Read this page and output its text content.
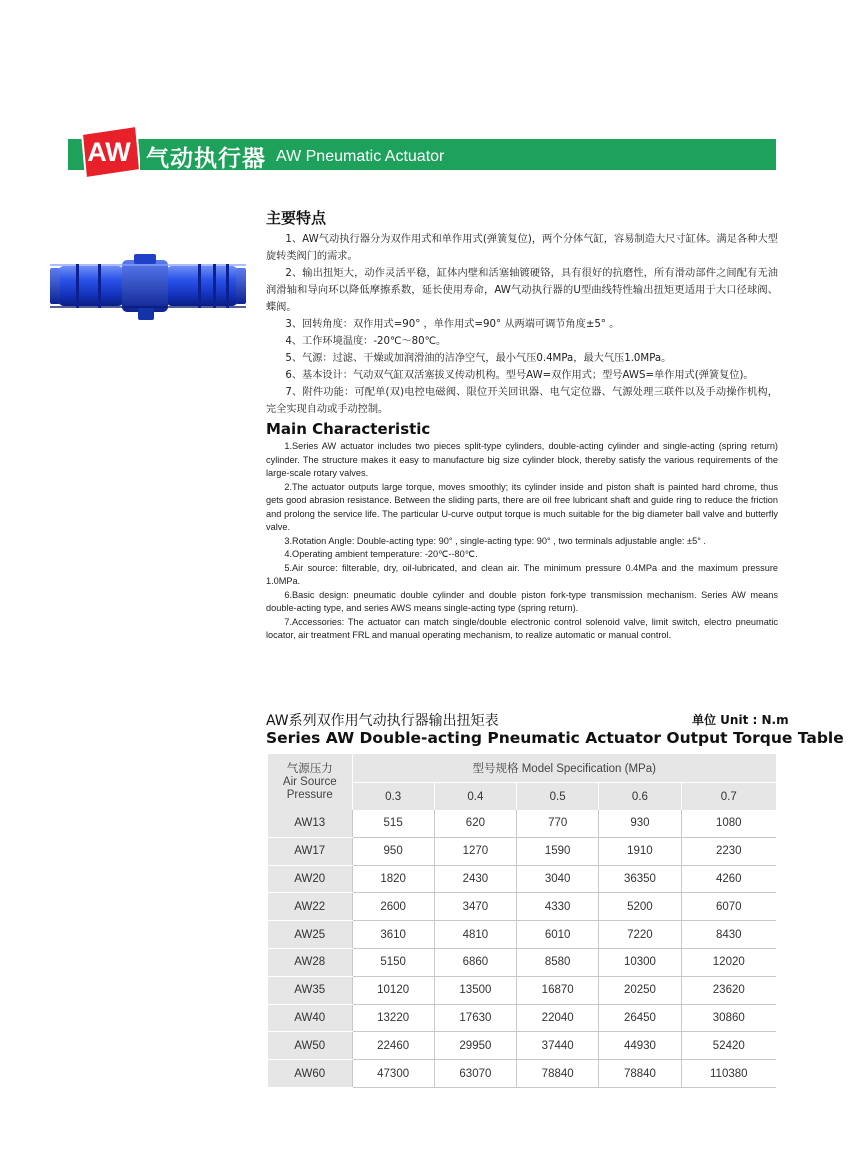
AW 气动执行器 AW Pneumatic Actuator
主要特点

1、AW气动执行器分为双作用式和单作用式(弹簧复位)，两个分体气缸，容易制造大尺寸缸体。满足各种大型旋转类阀门的需求。

2、输出扭矩大，动作灵活平稳，缸体内壁和活塞轴镀硬铬，具有很好的抗磨性，所有滑动部件之间配有无油润滑轴和导向环以降低摩擦系数，延长使用寿命，AW气动执行器的U型曲线特性输出扭矩更适用于大口径球阀、蝶阀。

3、回转角度：双作用式=90° ，单作用式=90° 从两端可调节角度±5° 。

4、工作环境温度：-20℃～80℃。

5、气源：过滤、干燥或加润滑油的洁净空气，最小气压0.4MPa，最大气压1.0MPa。

6、基本设计：气动双气缸双活塞拔叉传动机构。型号AW=双作用式；型号AWS=单作用式(弹簧复位)。

7、附件功能：可配单(双)电控电磁阀、限位开关回讯器、电气定位器、气源处理三联件以及手动操作机构，完全实现自动或手动控制。

Main Characteristic

1.Series AW actuator includes two pieces split-type cylinders, double-acting cylinder and single-acting (spring return) cylinder. The structure makes it easy to manufacture big size cylinder block, thereby satisfy the various requirements of the large-scale rotary valves.

2.The actuator outputs large torque, moves smoothly; its cylinder inside and piston shaft is painted hard chrome, thus gets good abrasion resistance. Between the sliding parts, there are oil free lubricant shaft and guide ring to reduce the friction and prolong the service life. The particular U-curve output torque is much suitable for the big diameter ball valve and butterfly valve.

3.Rotation Angle: Double-acting type: 90° , single-acting type: 90° , two terminals adjustable angle: ±5° .

4.Operating ambient temperature: -20℃--80℃.

5.Air source: filterable, dry, oil-lubricated, and clean air. The minimum pressure 0.4MPa and the maximum pressure 1.0MPa.

6.Basic design: pneumatic double cylinder and double piston fork-type transmission mechanism. Series AW means double-acting type, and series AWS means single-acting type (spring return).

7.Accessories: The actuator can match single/double electronic control solenoid valve, limit switch, electro pneumatic locator, air treatment FRL and manual operating mechanism, to realize automatic or manual control.

AW系列双作用气动执行器输出扭矩表	单位 Unit : N.m
Series AW Double-acting Pneumatic Actuator Output Torque Table
气源压力
Air Source
Pressure	型号规格 Model Specification (MPa)				
	0.3	0.4	0.5	0.6	0.7
AW13	515	620	770	930	1080
AW17	950	1270	1590	1910	2230
AW20	1820	2430	3040	36350	4260
AW22	2600	3470	4330	5200	6070
AW25	3610	4810	6010	7220	8430
AW28	5150	6860	8580	10300	12020
AW35	10120	13500	16870	20250	23620
AW40	13220	17630	22040	26450	30860
AW50	22460	29950	37440	44930	52420
AW60	47300	63070	78840	78840	110380
